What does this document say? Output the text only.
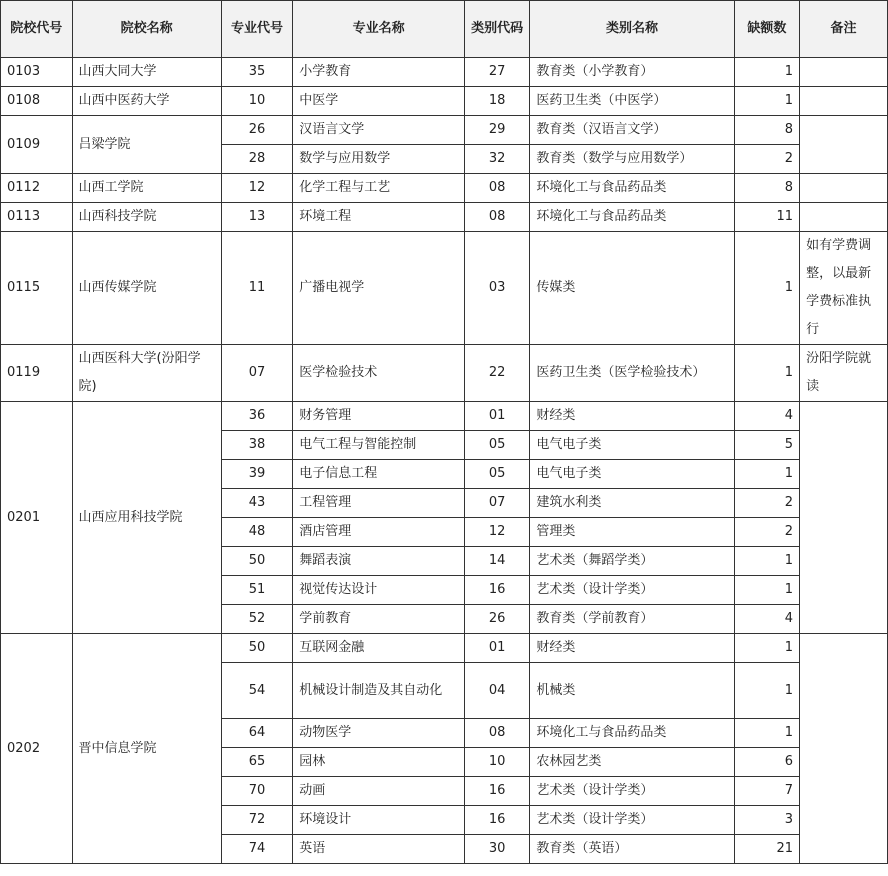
院校代号	院校名称	专业代号	专业名称	类别代码	类别名称	缺额数	备注
0103	山西大同大学	35	小学教育	27	教育类（小学教育）	1	
0108	山西中医药大学	10	中医学	18	医药卫生类（中医学）	1	
0109	吕梁学院	26	汉语言文学	29	教育类（汉语言文学）	8	
		28	数学与应用数学	32	教育类（数学与应用数学）	2	
0112	山西工学院	12	化学工程与工艺	08	环境化工与食品药品类	8	
0113	山西科技学院	13	环境工程	08	环境化工与食品药品类	11	
0115	山西传媒学院	11	广播电视学	03	传媒类	1	如有学费调整，以最新学费标准执行
0119	山西医科大学(汾阳学院)	07	医学检验技术	22	医药卫生类（医学检验技术）	1	汾阳学院就读
0201	山西应用科技学院	36	财务管理	01	财经类	4	
		38	电气工程与智能控制	05	电气电子类	5	
		39	电子信息工程	05	电气电子类	1	
		43	工程管理	07	建筑水利类	2	
		48	酒店管理	12	管理类	2	
		50	舞蹈表演	14	艺术类（舞蹈学类）	1	
		51	视觉传达设计	16	艺术类（设计学类）	1	
		52	学前教育	26	教育类（学前教育）	4	
0202	晋中信息学院	50	互联网金融	01	财经类	1	
		54	机械设计制造及其自动化	04	机械类	1	
		64	动物医学	08	环境化工与食品药品类	1	
		65	园林	10	农林园艺类	6	
		70	动画	16	艺术类（设计学类）	7	
		72	环境设计	16	艺术类（设计学类）	3	
		74	英语	30	教育类（英语）	21	
